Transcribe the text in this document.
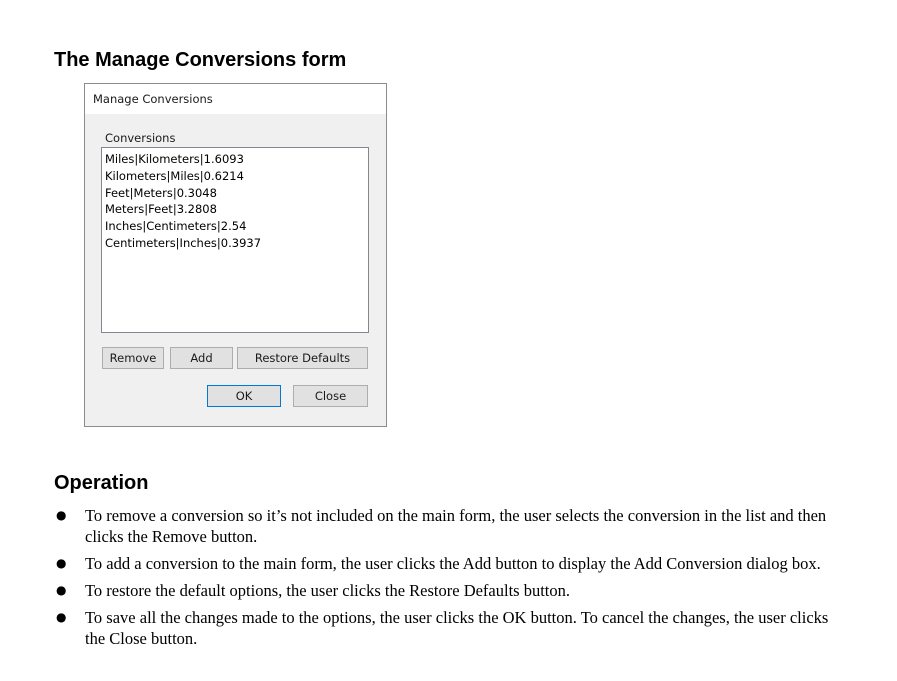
The Manage Conversions form
Manage Conversions
Conversions
Miles|Kilometers|1.6093
Kilometers|Miles|0.6214
Feet|Meters|0.3048
Meters|Feet|3.2808
Inches|Centimeters|2.54
Centimeters|Inches|0.3937
Remove	Add	Restore Defaults
OK	Close
Operation
● To remove a conversion so it’s not included on the main form, the user selects the conversion in the list and then clicks the Remove button.
● To add a conversion to the main form, the user clicks the Add button to display the Add Conversion dialog box.
● To restore the default options, the user clicks the Restore Defaults button.
● To save all the changes made to the options, the user clicks the OK button. To cancel the changes, the user clicks the Close button.
